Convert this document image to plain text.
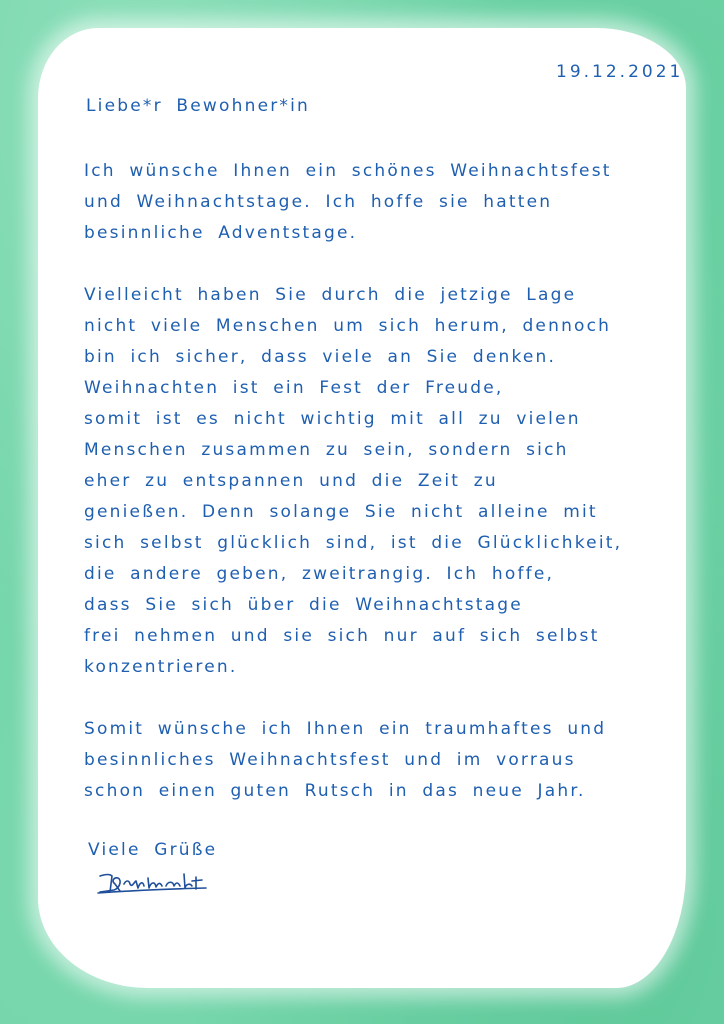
19.12.2021
Liebe*r Bewohner*in

Ich wünsche Ihnen ein schönes Weihnachtsfest
und Weihnachtstage. Ich hoffe sie hatten
besinnliche Adventstage.

Vielleicht haben Sie durch die jetzige Lage
nicht viele Menschen um sich herum, dennoch
bin ich sicher, dass viele an Sie denken.
Weihnachten ist ein Fest der Freude,
somit ist es nicht wichtig mit all zu vielen
Menschen zusammen zu sein, sondern sich
eher zu entspannen und die Zeit zu
genießen. Denn solange Sie nicht alleine mit
sich selbst glücklich sind, ist die Glücklichkeit,
die andere geben, zweitrangig. Ich hoffe,
dass Sie sich über die Weihnachtstage
frei nehmen und sie sich nur auf sich selbst
konzentrieren.

Somit wünsche ich Ihnen ein traumhaftes und
besinnliches Weihnachtsfest und im vorraus
schon einen guten Rutsch in das neue Jahr.

Viele Grüße
